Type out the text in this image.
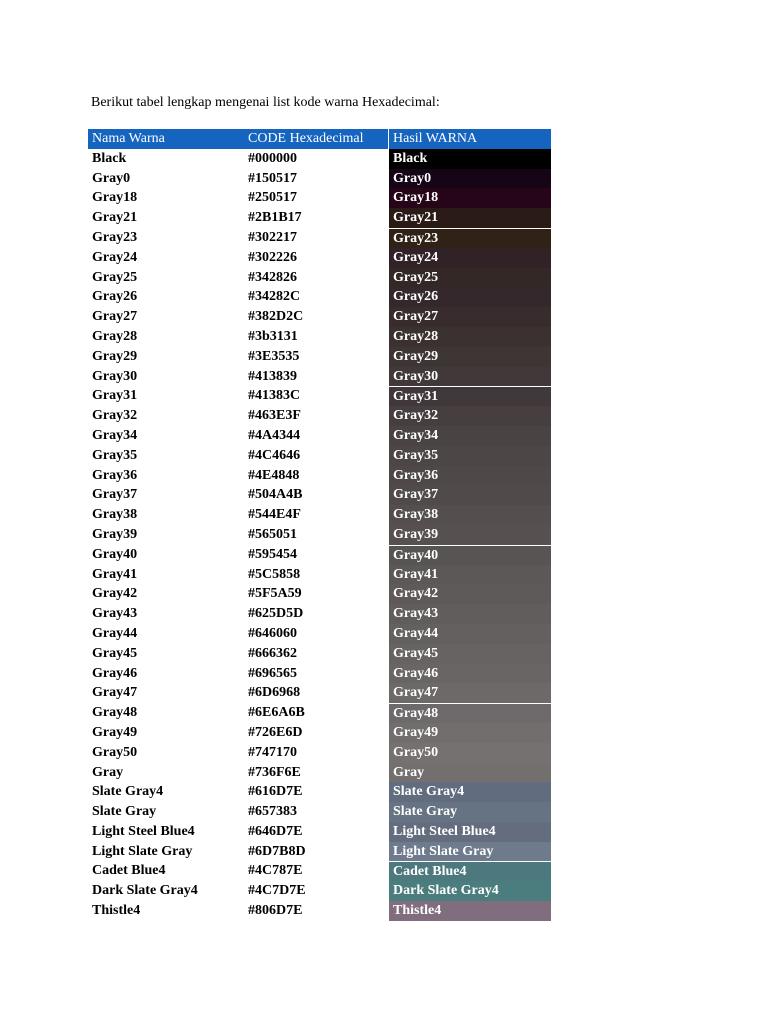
Berikut tabel lengkap mengenai list kode warna Hexadecimal:
Nama Warna	CODE Hexadecimal	Hasil WARNA
Black	#000000	Black
Gray0	#150517	Gray0
Gray18	#250517	Gray18
Gray21	#2B1B17	Gray21
Gray23	#302217	Gray23
Gray24	#302226	Gray24
Gray25	#342826	Gray25
Gray26	#34282C	Gray26
Gray27	#382D2C	Gray27
Gray28	#3b3131	Gray28
Gray29	#3E3535	Gray29
Gray30	#413839	Gray30
Gray31	#41383C	Gray31
Gray32	#463E3F	Gray32
Gray34	#4A4344	Gray34
Gray35	#4C4646	Gray35
Gray36	#4E4848	Gray36
Gray37	#504A4B	Gray37
Gray38	#544E4F	Gray38
Gray39	#565051	Gray39
Gray40	#595454	Gray40
Gray41	#5C5858	Gray41
Gray42	#5F5A59	Gray42
Gray43	#625D5D	Gray43
Gray44	#646060	Gray44
Gray45	#666362	Gray45
Gray46	#696565	Gray46
Gray47	#6D6968	Gray47
Gray48	#6E6A6B	Gray48
Gray49	#726E6D	Gray49
Gray50	#747170	Gray50
Gray	#736F6E	Gray
Slate Gray4	#616D7E	Slate Gray4
Slate Gray	#657383	Slate Gray
Light Steel Blue4	#646D7E	Light Steel Blue4
Light Slate Gray	#6D7B8D	Light Slate Gray
Cadet Blue4	#4C787E	Cadet Blue4
Dark Slate Gray4	#4C7D7E	Dark Slate Gray4
Thistle4	#806D7E	Thistle4
